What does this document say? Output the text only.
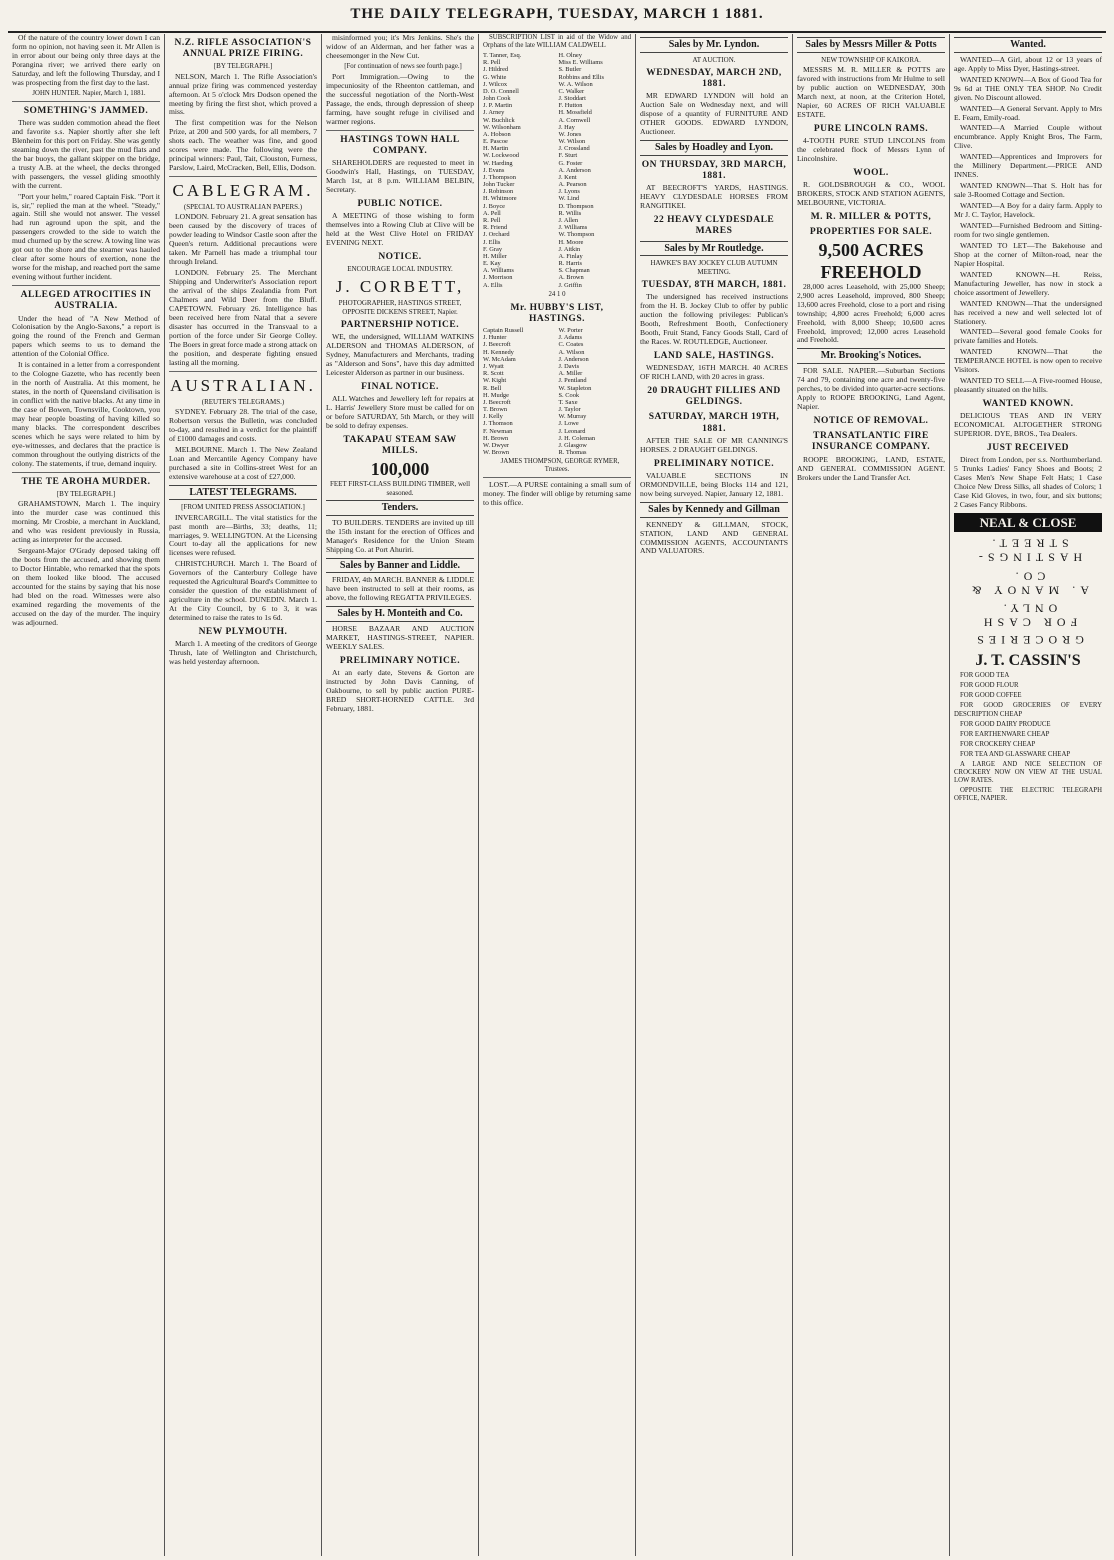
THE DAILY TELEGRAPH, TUESDAY, MARCH 1 1881.

Of the nature of the country lower down I can form no opinion, not having seen it. Mr Allen is in error about our being only three days at the Porangina river; we arrived there early on Saturday, and left the following Thursday, and I was prospecting from the first day to the last.

JOHN HUNTER. Napier, March 1, 1881.

SOMETHING'S JAMMED.

There was sudden commotion ahead the fleet and favorite s.s. Napier shortly after she left Blenheim for this port on Friday. She was gently steaming down the river, past the mud flats and the bar buoys, the gallant skipper on the bridge, a trusty A.B. at the wheel, the decks thronged with passengers, the vessel gliding smoothly with the current.

"Port your helm," roared Captain Fisk. "Port it is, sir," replied the man at the wheel. "Steady," again. Still she would not answer. The vessel had run aground upon the spit, and the passengers crowded to the side to watch the mud churned up by the screw. A towing line was got out to the shore and the steamer was hauled clear after some hours of exertion, none the worse for the mishap, and reached port the same evening without further incident.

ALLEGED ATROCITIES IN AUSTRALIA.

Under the head of "A New Method of Colonisation by the Anglo-Saxons," a report is going the round of the French and German papers which seems to us to demand the attention of the Colonial Office.

It is contained in a letter from a correspondent to the Cologne Gazette, who has recently been in the north of Australia. At this moment, he states, in the north of Queensland civilisation is in conflict with the native blacks. At any time in the case of Bowen, Townsville, Cooktown, you may hear people boasting of having killed so many blacks. The correspondent describes scenes which he says were related to him by eye-witnesses, and declares that the practice is common throughout the outlying districts of the colony. The statements, if true, demand inquiry.

THE TE AROHA MURDER.
[BY TELEGRAPH.]

GRAHAMSTOWN, March 1. The inquiry into the murder case was continued this morning. Mr Crosbie, a merchant in Auckland, and who was resident previously in Russia, acting as interpreter for the accused.

Sergeant-Major O'Grady deposed taking off the boots from the accused, and showing them to Doctor Hintable, who remarked that the spots on them looked like blood. The accused accounted for the stains by saying that his nose had bled on the road. Witnesses were also examined regarding the movements of the accused on the day of the murder. The inquiry was adjourned.

N.Z. RIFLE ASSOCIATION'S ANNUAL PRIZE FIRING.
[BY TELEGRAPH.]

NELSON, March 1. The Rifle Association's annual prize firing was commenced yesterday afternoon. At 5 o'clock Mrs Dodson opened the meeting by firing the first shot, which proved a miss.

The first competition was for the Nelson Prize, at 200 and 500 yards, for all members, 7 shots each. The weather was fine, and good scores were made. The following were the principal winners: Paul, Tait, Clouston, Furness, Parslow, Laird, McCracken, Bell, Ellis, Dodson.

CABLEGRAM.
(SPECIAL TO AUSTRALIAN PAPERS.)

LONDON. February 21. A great sensation has been caused by the discovery of traces of powder leading to Windsor Castle soon after the Queen's return. Additional precautions were taken. Mr Parnell has made a triumphal tour through Ireland.

LONDON. February 25. The Merchant Shipping and Underwriter's Association report the arrival of the ships Zealandia from Port Chalmers and Wild Deer from the Bluff. CAPETOWN. February 26. Intelligence has been received here from Natal that a severe disaster has occurred in the Transvaal to a portion of the force under Sir George Colley. The Boers in great force made a strong attack on the position, and desperate fighting ensued lasting all the morning.

AUSTRALIAN.
(REUTER'S TELEGRAMS.)

SYDNEY. February 28. The trial of the case, Robertson versus the Bulletin, was concluded to-day, and resulted in a verdict for the plaintiff of £1000 damages and costs.

MELBOURNE. March 1. The New Zealand Loan and Mercantile Agency Company have purchased a site in Collins-street West for an extensive warehouse at a cost of £27,000.

LATEST TELEGRAMS.
[FROM UNITED PRESS ASSOCIATION.]

INVERCARGILL. The vital statistics for the past month are—Births, 33; deaths, 11; marriages, 9. WELLINGTON. At the Licensing Court to-day all the applications for new licenses were refused.

CHRISTCHURCH. March 1. The Board of Governors of the Canterbury College have requested the Agricultural Board's Committee to consider the question of the establishment of agriculture in the school. DUNEDIN. March 1. At the City Council, by 6 to 3, it was determined to raise the rates to 1s 6d.

NEW PLYMOUTH.

March 1. A meeting of the creditors of George Thrush, late of Wellington and Christchurch, was held yesterday afternoon.

misinformed you; it's Mrs Jenkins. She's the widow of an Alderman, and her father was a cheesemonger in the New Cut.

[For continuation of news see fourth page.]

Port Immigration.—Owing to the impecuniosity of the Rheenton cattleman, and the successful negotiation of the North-West Passage, the ends, through depression of sheep farming, have sought refuge in civilised and warmer regions.

HASTINGS TOWN HALL COMPANY.

SHAREHOLDERS are requested to meet in Goodwin's Hall, Hastings, on TUESDAY, March 1st, at 8 p.m. WILLIAM BELBIN, Secretary.

PUBLIC NOTICE.

A MEETING of those wishing to form themselves into a Rowing Club at Clive will be held at the West Clive Hotel on FRIDAY EVENING NEXT.

NOTICE.
ENCOURAGE LOCAL INDUSTRY.
J. CORBETT,
PHOTOGRAPHER, HASTINGS STREET, OPPOSITE DICKENS STREET, Napier.
PARTNERSHIP NOTICE.

WE, the undersigned, WILLIAM WATKINS ALDERSON and THOMAS ALDERSON, of Sydney, Manufacturers and Merchants, trading as "Alderson and Sons", have this day admitted Leicester Alderson as partner in our business.

FINAL NOTICE.

ALL Watches and Jewellery left for repairs at L. Harris' Jewellery Store must be called for on or before SATURDAY, 5th March, or they will be sold to defray expenses.

TAKAPAU STEAM SAW MILLS.
100,000
FEET FIRST-CLASS BUILDING TIMBER, well seasoned.
Tenders.

TO BUILDERS. TENDERS are invited up till the 15th instant for the erection of Offices and Manager's Residence for the Union Steam Shipping Co. at Port Ahuriri.

Sales by Banner and Liddle.

FRIDAY, 4th MARCH. BANNER & LIDDLE have been instructed to sell at their rooms, as above, the following REGATTA PRIVILEGES.

Sales by H. Monteith and Co.

HORSE BAZAAR AND AUCTION MARKET, HASTINGS-STREET, NAPIER. WEEKLY SALES.

PRELIMINARY NOTICE.

At an early date, Stevens & Gorton are instructed by John Davis Canning, of Oakbourne, to sell by public auction PURE-BRED SHORT-HORNED CATTLE. 3rd February, 1881.

SUBSCRIPTION LIST in aid of the Widow and Orphans of the late WILLIAM CALDWELL

T. Tanner, Esq.
R. Pell
J. Hildred
G. White
J. Wilcox
D. O. Connell
John Cook
J. P. Martin
J. Arney
W. Buchlick
W. Wilsonham
A. Hobson
E. Pascoe
H. Martin
W. Lockwood
W. Harding
J. Evans
J. Thompson
John Tucker
J. Robinson
H. Whitmore
J. Boyce
A. Pell
R. Pell
R. Friend
J. Orchard
J. Ellis
F. Gray
H. Miller
E. Kay
A. Williams
J. Morrison
A. Ellis
H. Olney
Miss E. Williams
S. Butler
Robbins and Ellis
W. A. Wilson
C. Walker
J. Stoddart
F. Hutton
H. Mossfield
A. Cornwell
J. Hay
W. Jones
W. Wilson
J. Crossland
F. Sturt
G. Foster
A. Anderson
J. Kent
A. Pearson
J. Lyons
W. Lind
D. Thompson
R. Willis
J. Allen
J. Williams
W. Thompson
H. Moore
J. Aitkin
A. Finlay
R. Harris
S. Chapman
A. Brown
J. Griffin
24 1 0
Mr. HUBBY'S LIST, HASTINGS.
Captain Russell
J. Hunter
J. Beecroft
H. Kennedy
W. McAdam
J. Wyatt
R. Scott
W. Kight
R. Bell
H. Mudge
J. Beecroft
T. Brown
J. Kelly
J. Thomson
F. Newman
H. Brown
W. Dwyer
W. Brown
W. Porter
J. Adams
C. Coates
A. Wilson
J. Anderson
J. Davis
A. Miller
J. Pentland
W. Stapleton
S. Cook
T. Saxe
J. Taylor
W. Murray
J. Lowe
J. Leonard
J. H. Coleman
J. Glasgow
R. Thomas

JAMES THOMPSON, GEORGE RYMER, Trustees.

LOST.—A PURSE containing a small sum of money. The finder will oblige by returning same to this office.

Sales by Mr. Lyndon.
AT AUCTION.
WEDNESDAY, MARCH 2ND, 1881.

MR EDWARD LYNDON will hold an Auction Sale on Wednesday next, and will dispose of a quantity of FURNITURE AND OTHER GOODS. EDWARD LYNDON, Auctioneer.

Sales by Hoadley and Lyon.
ON THURSDAY, 3RD MARCH, 1881.

AT BEECROFT'S YARDS, HASTINGS. HEAVY CLYDESDALE HORSES FROM RANGITIKEI.

22 HEAVY CLYDESDALE MARES
Sales by Mr Routledge.
HAWKE'S BAY JOCKEY CLUB AUTUMN MEETING.
TUESDAY, 8TH MARCH, 1881.

The undersigned has received instructions from the H. B. Jockey Club to offer by public auction the following privileges: Publican's Booth, Refreshment Booth, Confectionery Booth, Fruit Stand, Fancy Goods Stall, Card of the Races. W. ROUTLEDGE, Auctioneer.

LAND SALE, HASTINGS.

WEDNESDAY, 16TH MARCH. 40 ACRES OF RICH LAND, with 20 acres in grass.

20 DRAUGHT FILLIES AND GELDINGS.
SATURDAY, MARCH 19TH, 1881.

AFTER THE SALE OF MR CANNING'S HORSES. 2 DRAUGHT GELDINGS.

PRELIMINARY NOTICE.

VALUABLE SECTIONS IN ORMONDVILLE, being Blocks 114 and 121, now being surveyed. Napier, January 12, 1881.

Sales by Kennedy and Gillman

KENNEDY & GILLMAN, STOCK, STATION, LAND AND GENERAL COMMISSION AGENTS, ACCOUNTANTS AND VALUATORS.

Sales by Messrs Miller & Potts
NEW TOWNSHIP OF KAIKORA.

MESSRS M. R. MILLER & POTTS are favored with instructions from Mr Hulme to sell by public auction on WEDNESDAY, 30th March next, at noon, at the Criterion Hotel, Napier, 60 ACRES OF RICH VALUABLE ESTATE.

PURE LINCOLN RAMS.

4-TOOTH PURE STUD LINCOLNS from the celebrated flock of Messrs Lynn of Lincolnshire.

WOOL.

R. GOLDSBROUGH & CO., WOOL BROKERS, STOCK AND STATION AGENTS, MELBOURNE, VICTORIA.

M. R. MILLER & POTTS,
PROPERTIES FOR SALE.
9,500 ACRES FREEHOLD

28,000 acres Leasehold, with 25,000 Sheep; 2,900 acres Leasehold, improved, 800 Sheep; 13,600 acres Freehold, close to a port and rising township; 4,800 acres Freehold; 6,000 acres Freehold, with 8,000 Sheep; 10,600 acres Freehold, improved; 12,000 acres Leasehold and Freehold.

Mr. Brooking's Notices.

FOR SALE. NAPIER.—Suburban Sections 74 and 79, containing one acre and twenty-five perches, to be divided into quarter-acre sections. Apply to ROOPE BROOKING, Land Agent, Napier.

NOTICE OF REMOVAL.
TRANSATLANTIC FIRE INSURANCE COMPANY.

ROOPE BROOKING, LAND, ESTATE, AND GENERAL COMMISSION AGENT. Brokers under the Land Transfer Act.

Wanted.

WANTED—A Girl, about 12 or 13 years of age. Apply to Miss Dyer, Hastings-street.

WANTED KNOWN—A Box of Good Tea for 9s 6d at THE ONLY TEA SHOP. No Credit given. No Discount allowed.

WANTED—A General Servant. Apply to Mrs E. Fearn, Emily-road.

WANTED—A Married Couple without encumbrance. Apply Knight Bros, The Farm, Clive.

WANTED—Apprentices and Improvers for the Millinery Department.—PRICE AND INNES.

WANTED KNOWN—That S. Holt has for sale 3-Roomed Cottage and Section.

WANTED—A Boy for a dairy farm. Apply to Mr J. C. Taylor, Havelock.

WANTED—Furnished Bedroom and Sitting-room for two single gentlemen.

WANTED TO LET—The Bakehouse and Shop at the corner of Milton-road, near the Napier Hospital.

WANTED KNOWN—H. Reiss, Manufacturing Jeweller, has now in stock a choice assortment of Jewellery.

WANTED KNOWN—That the undersigned has received a new and well selected lot of Stationery.

WANTED—Several good female Cooks for private families and Hotels.

WANTED KNOWN—That the TEMPERANCE HOTEL is now open to receive Visitors.

WANTED TO SELL—A Five-roomed House, pleasantly situated on the hills.

WANTED KNOWN.

DELICIOUS TEAS AND IN VERY ECONOMICAL ALTOGETHER STRONG SUPERIOR. DYE, BROS., Tea Dealers.

JUST RECEIVED

Direct from London, per s.s. Northumberland. 5 Trunks Ladies' Fancy Shoes and Boots; 2 Cases Men's New Shape Felt Hats; 1 Case Choice New Dress Silks, all shades of Colors; 1 Case Kid Gloves, in two, four, and six buttons; 2 Cases Fancy Ribbons.

NEAL & CLOSE
HASTINGS-STREET.
A. MANOY & CO.
FOR CASH ONLY.
GROCERIES
J. T. CASSIN'S

FOR GOOD TEA

FOR GOOD FLOUR

FOR GOOD COFFEE

FOR GOOD GROCERIES OF EVERY DESCRIPTION CHEAP

FOR GOOD DAIRY PRODUCE

FOR EARTHENWARE CHEAP

FOR CROCKERY CHEAP

FOR TEA AND GLASSWARE CHEAP

A LARGE AND NICE SELECTION OF CROCKERY NOW ON VIEW AT THE USUAL LOW RATES.

OPPOSITE THE ELECTRIC TELEGRAPH OFFICE, NAPIER.
